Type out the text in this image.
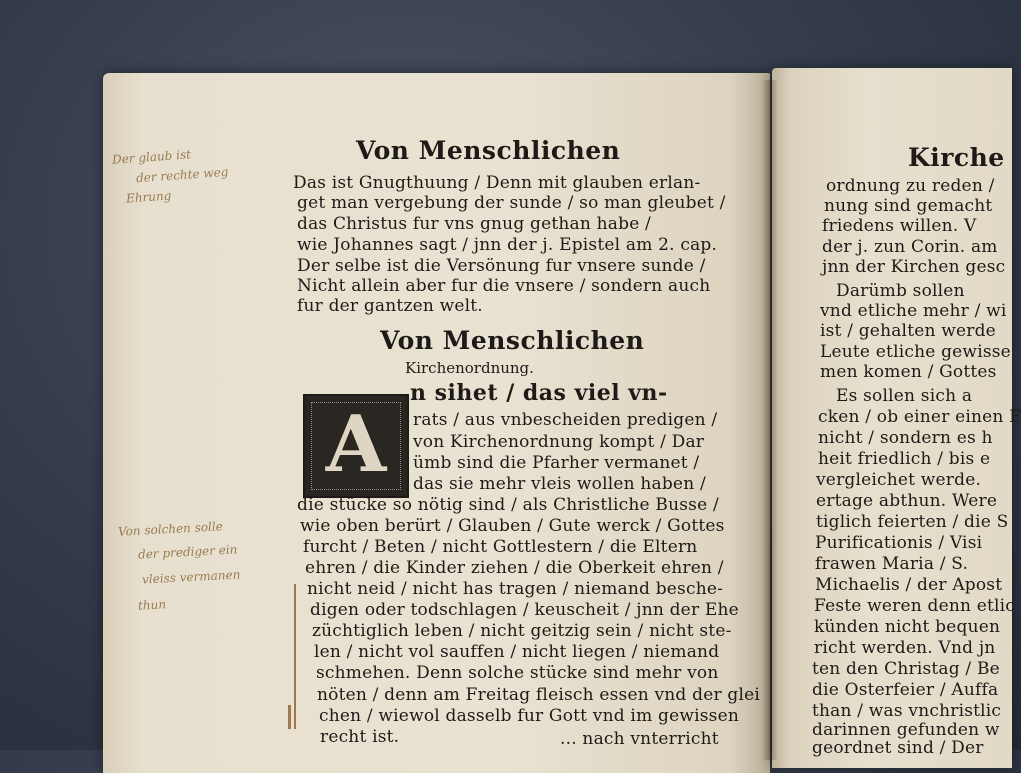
Von Menschlichen
Das ist Gnugthuung / Denn mit glauben erlan-
get man vergebung der sunde / so man gleubet /
das Christus fur vns gnug gethan habe /
wie Johannes sagt / jnn der j. Epistel am 2. cap.
Der selbe ist die Versönung fur vnsere sunde /
Nicht allein aber fur die vnsere / sondern auch
fur der gantzen welt.
Von Menschlichen
Kirchenordnung.
A
n sihet / das viel vn-
rats / aus vnbescheiden predigen /
von Kirchenordnung kompt / Dar
ümb sind die Pfarher vermanet /
das sie mehr vleis wollen haben /
die stücke so nötig sind / als Christliche Busse /
wie oben berürt / Glauben / Gute werck / Gottes
furcht / Beten / nicht Gottlestern / die Eltern
ehren / die Kinder ziehen / die Oberkeit ehren /
nicht neid / nicht has tragen / niemand besche-
digen oder todschlagen / keuscheit / jnn der Ehe
züchtiglich leben / nicht geitzig sein / nicht ste-
len / nicht vol sauffen / nicht liegen / niemand
schmehen. Denn solche stücke sind mehr von
nöten / denn am Freitag fleisch essen vnd der glei
chen / wiewol dasselb fur Gott vnd im gewissen
recht ist.	... nach vnterricht
Der glaub ist
der rechte weg
Ehrung
Von solchen solle
der prediger ein
vleiss vermanen
thun
Kirche
ordnung zu reden /
nung sind gemacht
friedens willen. V
der j. zun Corin. am
jnn der Kirchen gesc
Darümb sollen
vnd etliche mehr / wi
ist / gehalten werde
Leute etliche gewisse
men komen / Gottes
Es sollen sich a
cken / ob einer einen F
nicht / sondern es h
heit friedlich / bis e
vergleichet werde.
ertage abthun. Were
tiglich feierten / die S
Purificationis / Visi
frawen Maria / S.
Michaelis / der Apost
Feste weren denn etlic
künden nicht bequen
richt werden. Vnd jn
ten den Christag / Be
die Osterfeier / Auffa
than / was vnchristlic
darinnen gefunden w
geordnet sind / Der
